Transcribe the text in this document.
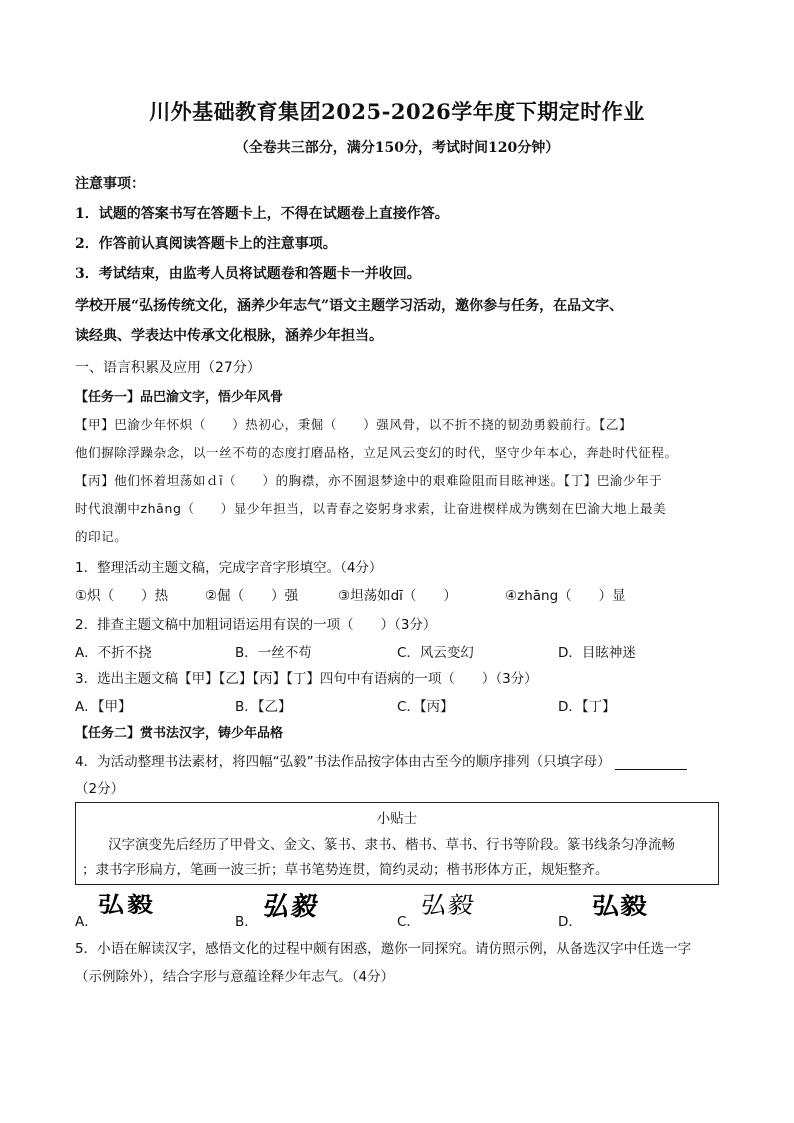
川外基础教育集团2025-2026学年度下期定时作业
（全卷共三部分，满分150分，考试时间120分钟）
注意事项：
1．试题的答案书写在答题卡上，不得在试题卷上直接作答。
2．作答前认真阅读答题卡上的注意事项。
3．考试结束，由监考人员将试题卷和答题卡一并收回。
学校开展“弘扬传统文化，涵养少年志气”语文主题学习活动，邀你参与任务，在品文字、
读经典、学表达中传承文化根脉，涵养少年担当。
一、语言积累及应用（27分）
【任务一】品巴渝文字，悟少年风骨
【甲】巴渝少年怀炽（　　）热初心，秉倔（　　）强风骨，以不折不挠的韧劲勇毅前行。【乙】
他们摒除浮躁杂念，以一丝不苟的态度打磨品格，立足风云变幻的时代，坚守少年本心，奔赴时代征程。
【丙】他们怀着坦荡如ｄī（　　）的胸襟，亦不囿退梦途中的艰难险阻而目眩神迷。【丁】巴渝少年于
时代浪潮中zhāng（　　）显少年担当，以青春之姿躬身求索，让奋进楔样成为镌刻在巴渝大地上最美
的印记。
1．整理活动主题文稿，完成字音字形填空。（4分）
①炽（　　）热	②倔（　　）强	③坦荡如dī（　　）	④zhāng（　　）显
2．排查主题文稿中加粗词语运用有误的一项（　　）（3分）
A．不折不挠	B．一丝不苟	C．风云变幻	D．目眩神迷
3．选出主题文稿【甲】【乙】【丙】【丁】四句中有语病的一项（　　）（3分）
A．【甲】	B．【乙】	C．【丙】	D．【丁】
【任务二】赏书法汉字，铸少年品格
4．为活动整理书法素材，将四幅“弘毅”书法作品按字体由古至今的顺序排列（只填字母）
（2分）
小贴士
汉字演变先后经历了甲骨文、金文、篆书、隶书、楷书、草书、行书等阶段。篆书线条匀净流畅
；隶书字形扁方，笔画一波三折；草书笔势连贯，简约灵动；楷书形体方正，规矩整齐。
A．
弘毅
B． 弘毅	C．
弘毅
D．
弘毅
5．小语在解读汉字，感悟文化的过程中颇有困惑，邀你一同探究。请仿照示例，从备选汉字中任选一字
（示例除外），结合字形与意蕴诠释少年志气。（4分）
